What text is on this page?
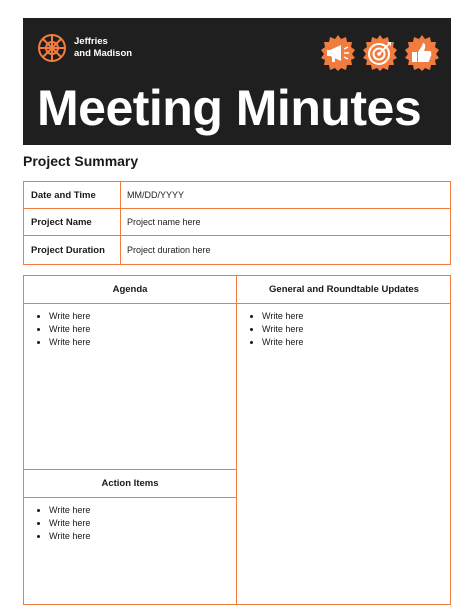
Jeffries
and Madison
Meeting Minutes
Project Summary
Date and Time	MM/DD/YYYY
Project Name	Project name here
Project Duration	Project duration here
Agenda	General and Roundtable Updates
• Write here
• Write here
• Write here
• Write here
• Write here
• Write here
Action Items
• Write here
• Write here
• Write here
